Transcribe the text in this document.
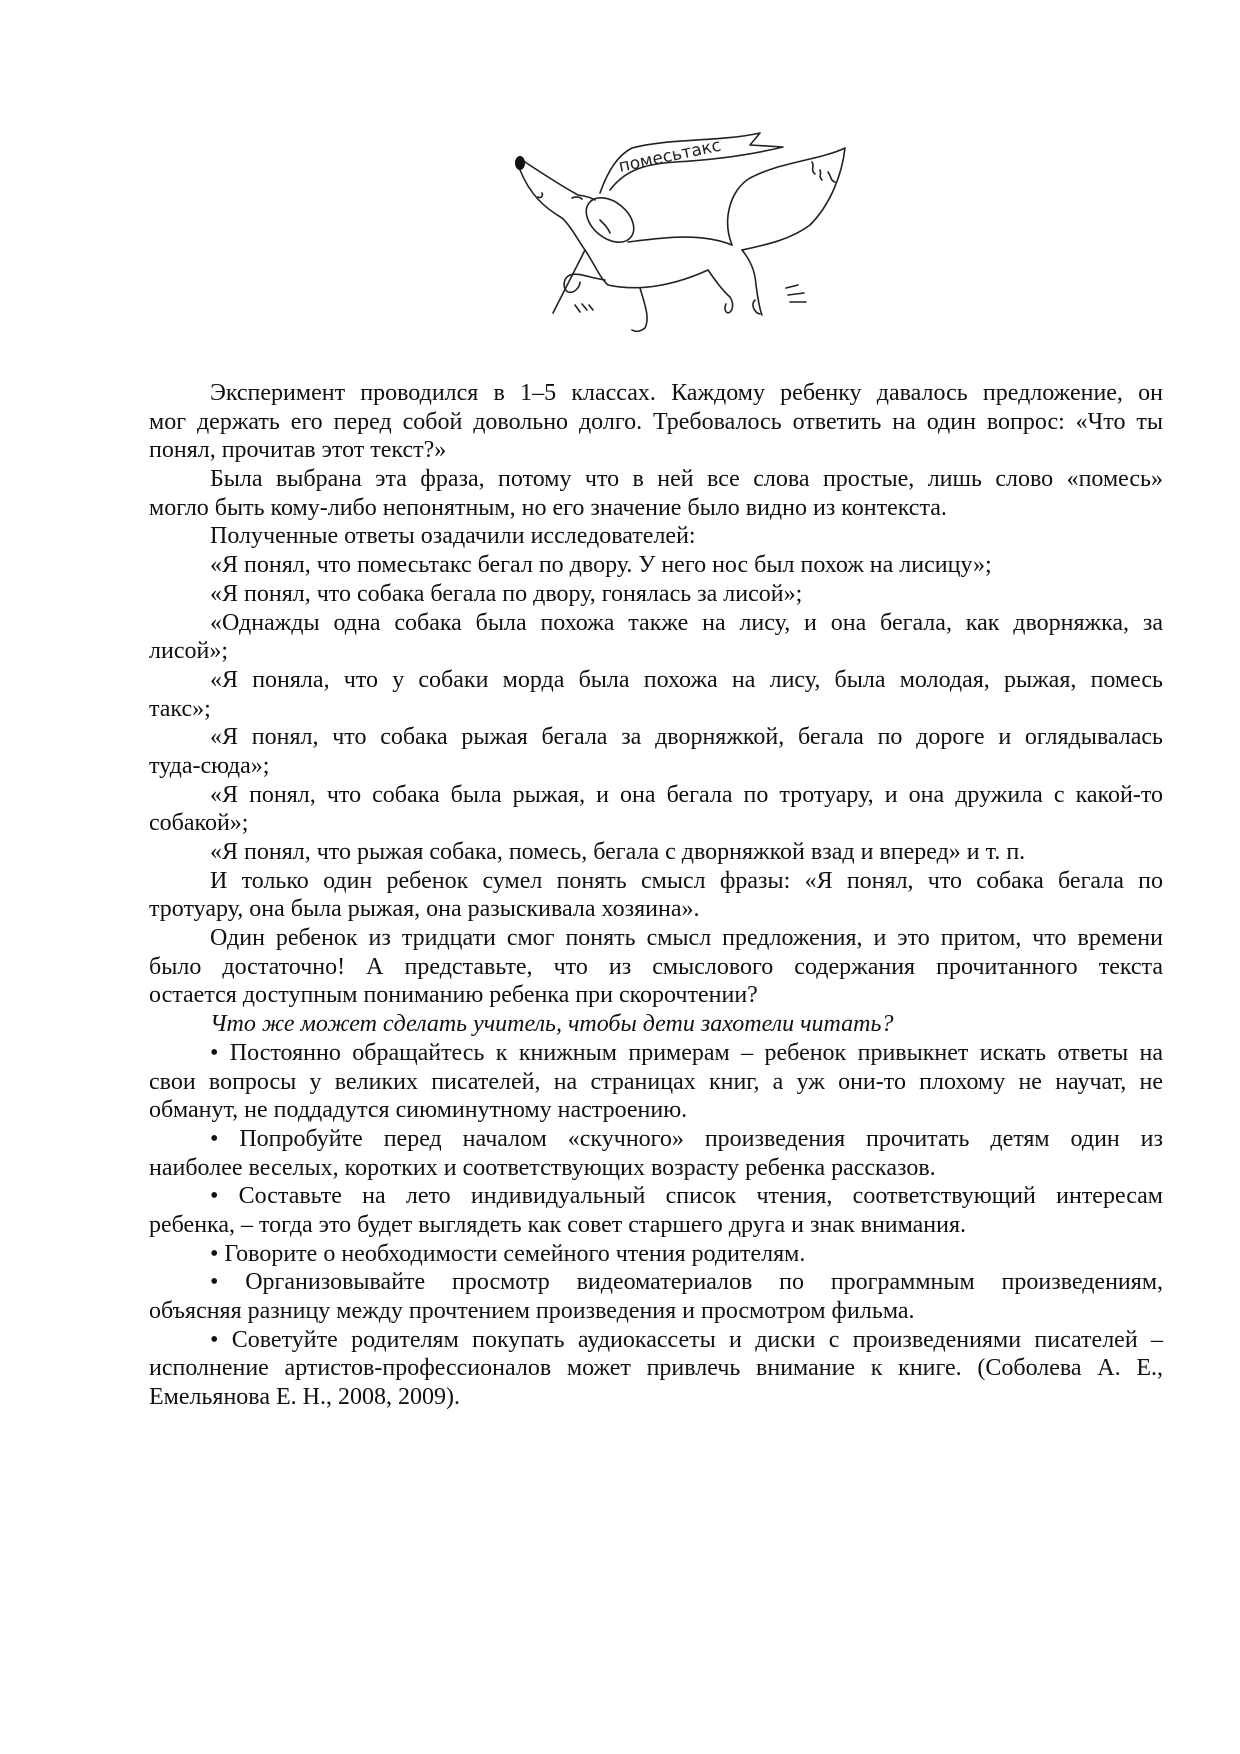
помесьтакс
Эксперимент проводился в 1–5 классах. Каждому ребенку давалось предложение, он
мог держать его перед собой довольно долго. Требовалось ответить на один вопрос: «Что ты
понял, прочитав этот текст?»
Была выбрана эта фраза, потому что в ней все слова простые, лишь слово «помесь»
могло быть кому-либо непонятным, но его значение было видно из контекста.
Полученные ответы озадачили исследователей:
«Я понял, что помесьтакс бегал по двору. У него нос был похож на лисицу»;
«Я понял, что собака бегала по двору, гонялась за лисой»;
«Однажды одна собака была похожа также на лису, и она бегала, как дворняжка, за
лисой»;
«Я поняла, что у собаки морда была похожа на лису, была молодая, рыжая, помесь
такс»;
«Я понял, что собака рыжая бегала за дворняжкой, бегала по дороге и оглядывалась
туда-сюда»;
«Я понял, что собака была рыжая, и она бегала по тротуару, и она дружила с какой-то
собакой»;
«Я понял, что рыжая собака, помесь, бегала с дворняжкой взад и вперед» и т. п.
И только один ребенок сумел понять смысл фразы: «Я понял, что собака бегала по
тротуару, она была рыжая, она разыскивала хозяина».
Один ребенок из тридцати смог понять смысл предложения, и это притом, что времени
было достаточно! А представьте, что из смыслового содержания прочитанного текста
остается доступным пониманию ребенка при скорочтении?
Что же может сделать учитель, чтобы дети захотели читать?
• Постоянно обращайтесь к книжным примерам – ребенок привыкнет искать ответы на
свои вопросы у великих писателей, на страницах книг, а уж они-то плохому не научат, не
обманут, не поддадутся сиюминутному настроению.
• Попробуйте перед началом «скучного» произведения прочитать детям один из
наиболее веселых, коротких и соответствующих возрасту ребенка рассказов.
• Составьте на лето индивидуальный список чтения, соответствующий интересам
ребенка, – тогда это будет выглядеть как совет старшего друга и знак внимания.
• Говорите о необходимости семейного чтения родителям.
• Организовывайте просмотр видеоматериалов по программным произведениям,
объясняя разницу между прочтением произведения и просмотром фильма.
• Советуйте родителям покупать аудиокассеты и диски с произведениями писателей –
исполнение артистов-профессионалов может привлечь внимание к книге. (Соболева А. Е.,
Емельянова Е. Н., 2008, 2009).
